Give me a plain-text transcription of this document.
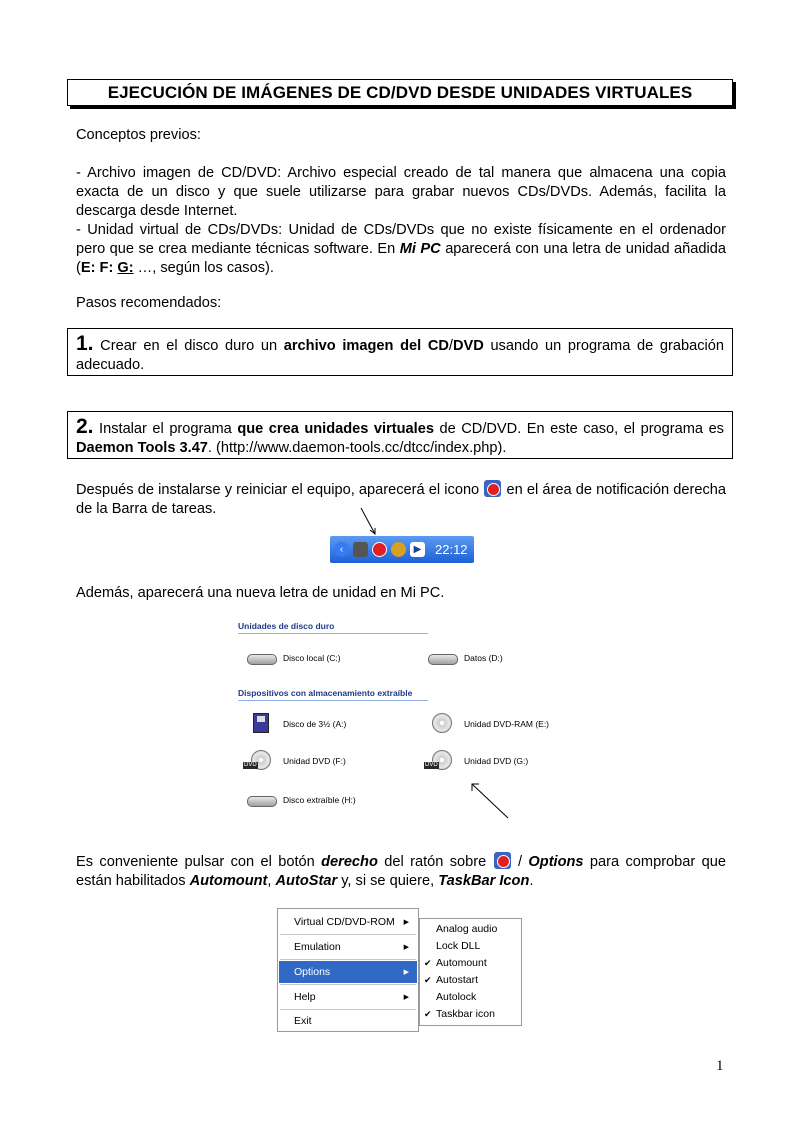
EJECUCIÓN DE IMÁGENES DE CD/DVD DESDE UNIDADES VIRTUALES
Conceptos previos:
- Archivo imagen de CD/DVD: Archivo especial creado de tal manera que almacena una copia exacta de un disco y que suele utilizarse para grabar nuevos CDs/DVDs. Además, facilita la descarga desde Internet.
- Unidad virtual de CDs/DVDs: Unidad de CDs/DVDs que no existe físicamente en el ordenador pero que se crea mediante técnicas software. En Mi PC aparecerá con una letra de unidad añadida (E: F: G: …, según los casos).
Pasos recomendados:
1. Crear en el disco duro un archivo imagen del CD/DVD usando un programa de grabación adecuado.
2. Instalar el programa que crea unidades virtuales de CD/DVD. En este caso, el programa es Daemon Tools 3.47. (http://www.daemon-tools.cc/dtcc/index.php).
Después de instalarse y reiniciar el equipo, aparecerá el icono  en el área de notificación derecha de la Barra de tareas.
‹	▶ 22:12
Además, aparecerá una nueva letra de unidad en Mi PC.
Unidades de disco duro
Disco local (C:)	Datos (D:)
Dispositivos con almacenamiento extraíble
Disco de 3½ (A:)	Unidad DVD-RAM (E:)
DVD	Unidad DVD (F:)	DVD	Unidad DVD (G:)
Disco extraíble (H:)
Es conveniente pulsar con el botón derecho del ratón sobre  / Options para comprobar que están habilitados Automount, AutoStar y, si se quiere, TaskBar Icon.
Virtual CD/DVD-ROM ▶
Emulation	▶
Options	▶
Help	▶
Exit
Analog audio
Lock DLL
✔ Automount
✔ Autostart
Autolock
✔ Taskbar icon
1
